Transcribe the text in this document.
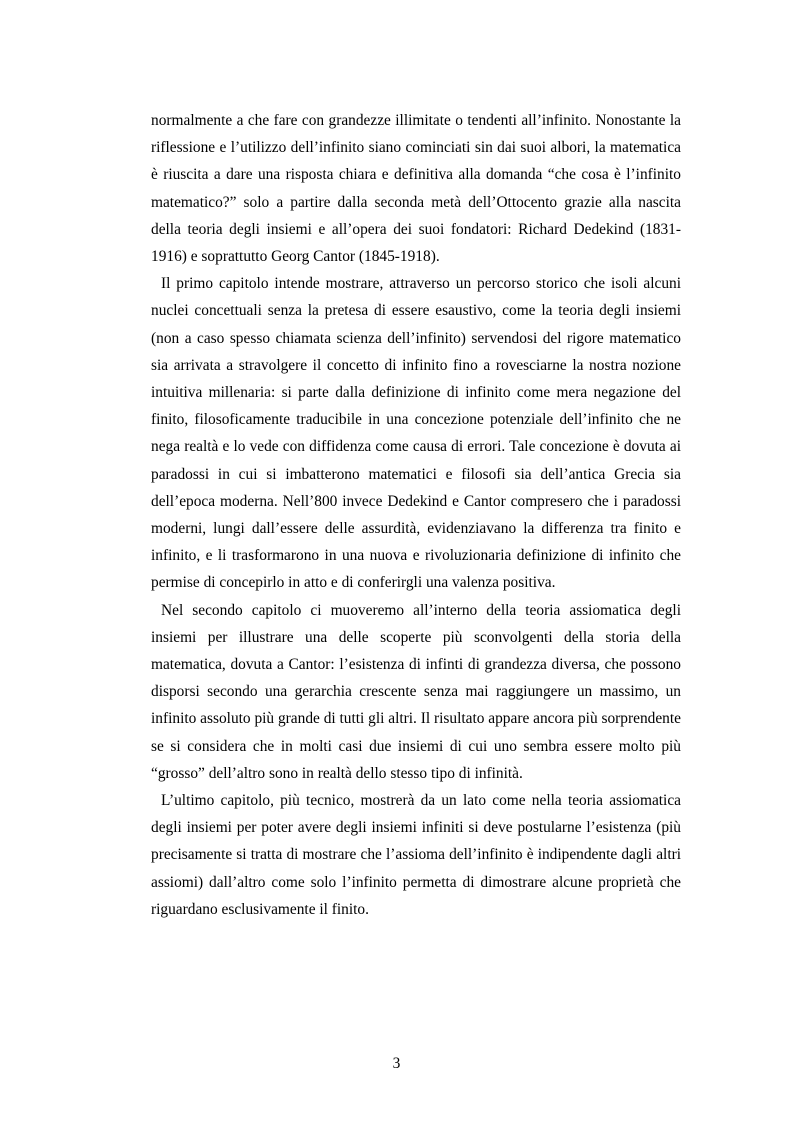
normalmente a che fare con grandezze illimitate o tendenti all’infinito. Nonostante la riflessione e l’utilizzo dell’infinito siano cominciati sin dai suoi albori, la matematica è riuscita a dare una risposta chiara e definitiva alla domanda “che cosa è l’infinito matematico?” solo a partire dalla seconda metà dell’Ottocento grazie alla nascita della teoria degli insiemi e all’opera dei suoi fondatori: Richard Dedekind (1831-1916) e soprattutto Georg Cantor (1845-1918).

Il primo capitolo intende mostrare, attraverso un percorso storico che isoli alcuni nuclei concettuali senza la pretesa di essere esaustivo, come la teoria degli insiemi (non a caso spesso chiamata scienza dell’infinito) servendosi del rigore matematico sia arrivata a stravolgere il concetto di infinito fino a rovesciarne la nostra nozione intuitiva millenaria: si parte dalla definizione di infinito come mera negazione del finito, filosoficamente traducibile in una concezione potenziale dell’infinito che ne nega realtà e lo vede con diffidenza come causa di errori. Tale concezione è dovuta ai paradossi in cui si imbatterono matematici e filosofi sia dell’antica Grecia sia dell’epoca moderna. Nell’800 invece Dedekind e Cantor compresero che i paradossi moderni, lungi dall’essere delle assurdità, evidenziavano la differenza tra finito e infinito, e li trasformarono in una nuova e rivoluzionaria definizione di infinito che permise di concepirlo in atto e di conferirgli una valenza positiva.

Nel secondo capitolo ci muoveremo all’interno della teoria assiomatica degli insiemi per illustrare una delle scoperte più sconvolgenti della storia della matematica, dovuta a Cantor: l’esistenza di infinti di grandezza diversa, che possono disporsi secondo una gerarchia crescente senza mai raggiungere un massimo, un infinito assoluto più grande di tutti gli altri. Il risultato appare ancora più sorprendente se si considera che in molti casi due insiemi di cui uno sembra essere molto più “grosso” dell’altro sono in realtà dello stesso tipo di infinità.

L’ultimo capitolo, più tecnico, mostrerà da un lato come nella teoria assiomatica degli insiemi per poter avere degli insiemi infiniti si deve postularne l’esistenza (più precisamente si tratta di mostrare che l’assioma dell’infinito è indipendente dagli altri assiomi) dall’altro come solo l’infinito permetta di dimostrare alcune proprietà che riguardano esclusivamente il finito.

3
